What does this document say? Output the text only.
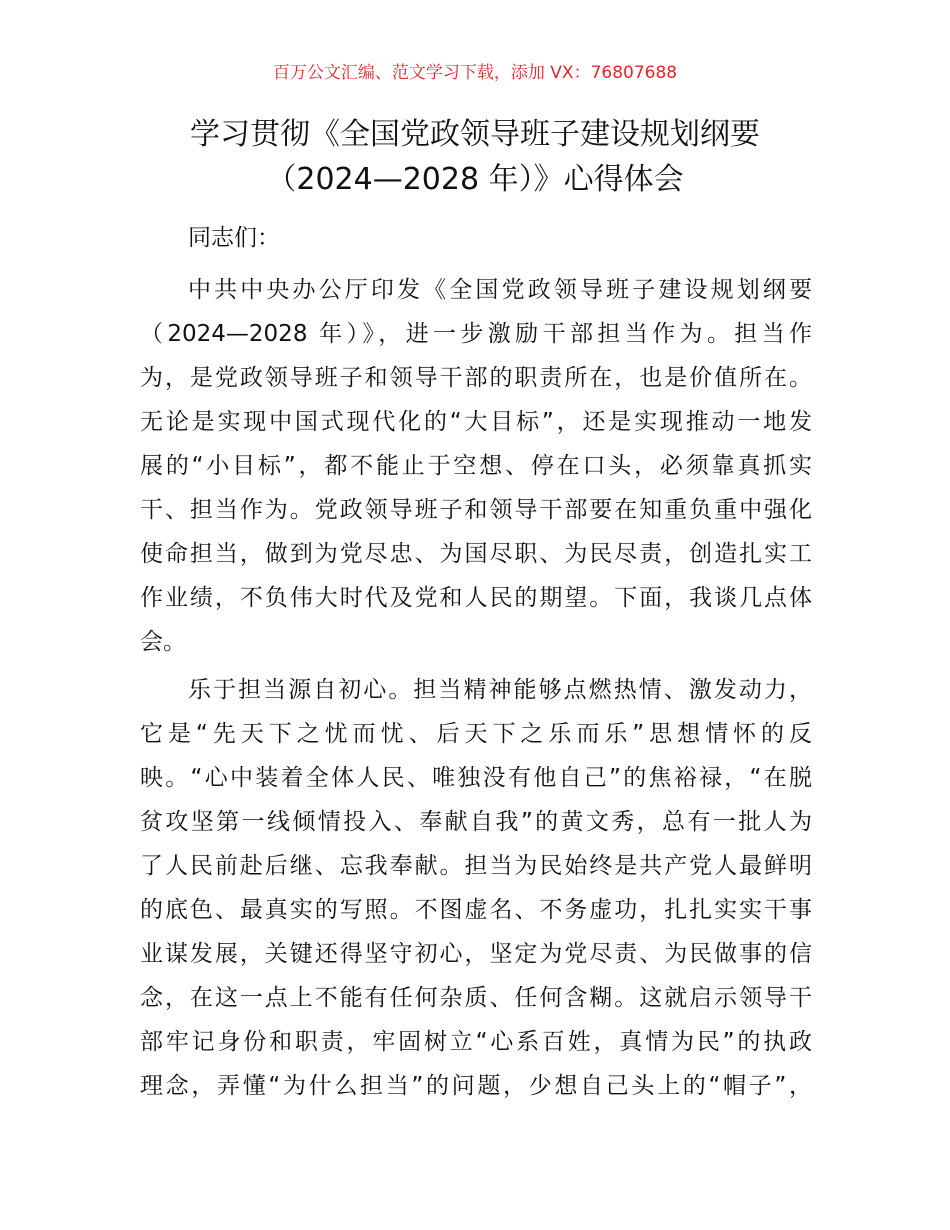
百万公文汇编、范文学习下载，添加 VX：76807688
学习贯彻《全国党政领导班子建设规划纲要
（2024—2028 年）》心得体会
同志们：
中共中央办公厅印发《全国党政领导班子建设规划纲要
（2024—2028 年）》，进一步激励干部担当作为。担当作
为，是党政领导班子和领导干部的职责所在，也是价值所在。
无论是实现中国式现代化的“大目标”，还是实现推动一地发
展的“小目标”，都不能止于空想、停在口头，必须靠真抓实
干、担当作为。党政领导班子和领导干部要在知重负重中强化
使命担当，做到为党尽忠、为国尽职、为民尽责，创造扎实工
作业绩，不负伟大时代及党和人民的期望。下面，我谈几点体
会。
乐于担当源自初心。担当精神能够点燃热情、激发动力，
它是“先天下之忧而忧、后天下之乐而乐”思想情怀的反
映。“心中装着全体人民、唯独没有他自己”的焦裕禄，“在脱
贫攻坚第一线倾情投入、奉献自我”的黄文秀，总有一批人为
了人民前赴后继、忘我奉献。担当为民始终是共产党人最鲜明
的底色、最真实的写照。不图虚名、不务虚功，扎扎实实干事
业谋发展，关键还得坚守初心，坚定为党尽责、为民做事的信
念，在这一点上不能有任何杂质、任何含糊。这就启示领导干
部牢记身份和职责，牢固树立“心系百姓，真情为民”的执政
理念，弄懂“为什么担当”的问题，少想自己头上的“帽子”，
